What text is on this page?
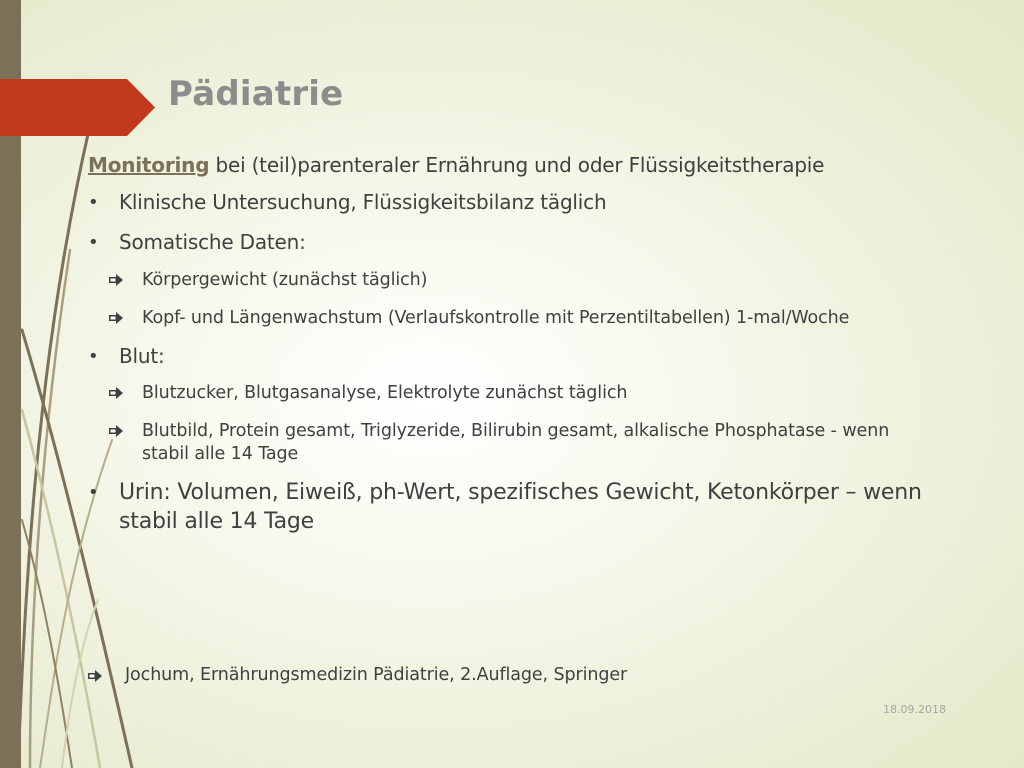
Pädiatrie
Monitoring bei (teil)parenteraler Ernährung und oder Flüssigkeitstherapie
• Klinische Untersuchung, Flüssigkeitsbilanz täglich
• Somatische Daten:
Körpergewicht (zunächst täglich)
Kopf- und Längenwachstum (Verlaufskontrolle mit Perzentiltabellen) 1-mal/Woche
• Blut:
Blutzucker, Blutgasanalyse, Elektrolyte zunächst täglich
Blutbild, Protein gesamt, Triglyzeride, Bilirubin gesamt, alkalische Phosphatase - wenn stabil alle 14 Tage
• Urin: Volumen, Eiweiß, ph-Wert, spezifisches Gewicht, Ketonkörper – wenn stabil alle 14 Tage
Jochum, Ernährungsmedizin Pädiatrie, 2.Auflage, Springer
18.09.2018
